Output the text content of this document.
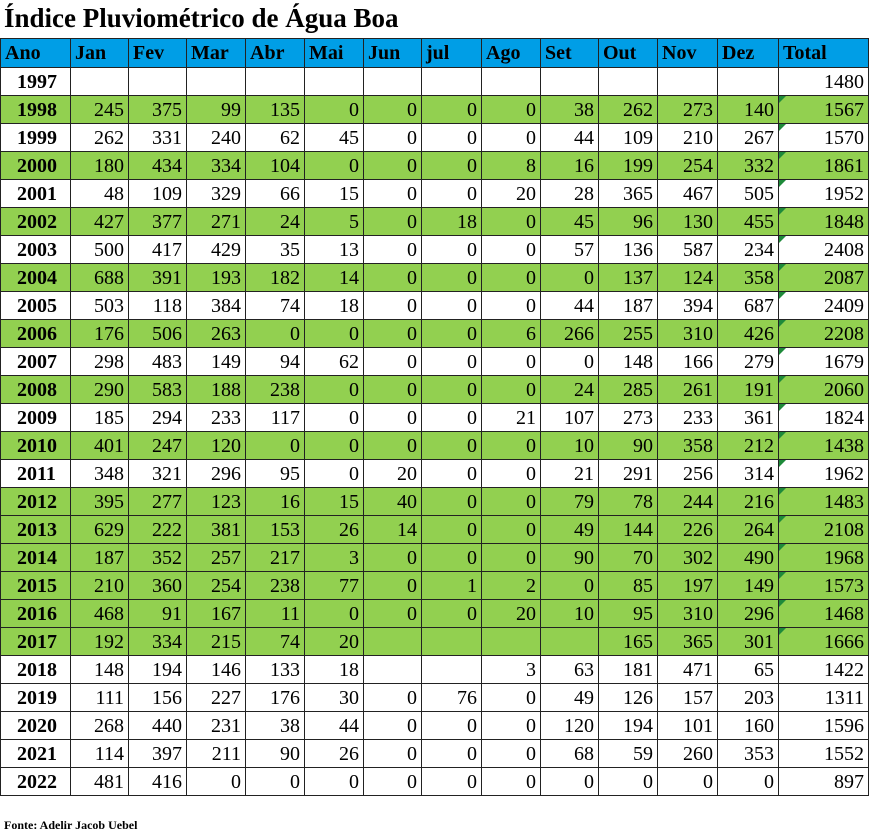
Índice Pluviométrico de Água Boa
Ano	Jan	Fev	Mar	Abr	Mai	Jun	jul	Ago	Set	Out	Nov	Dez	Total
1997													1480
1998	245	375	99	135	0	0	0	0	38	262	273	140	1567
1999	262	331	240	62	45	0	0	0	44	109	210	267	1570
2000	180	434	334	104	0	0	0	8	16	199	254	332	1861
2001	48	109	329	66	15	0	0	20	28	365	467	505	1952
2002	427	377	271	24	5	0	18	0	45	96	130	455	1848
2003	500	417	429	35	13	0	0	0	57	136	587	234	2408
2004	688	391	193	182	14	0	0	0	0	137	124	358	2087
2005	503	118	384	74	18	0	0	0	44	187	394	687	2409
2006	176	506	263	0	0	0	0	6	266	255	310	426	2208
2007	298	483	149	94	62	0	0	0	0	148	166	279	1679
2008	290	583	188	238	0	0	0	0	24	285	261	191	2060
2009	185	294	233	117	0	0	0	21	107	273	233	361	1824
2010	401	247	120	0	0	0	0	0	10	90	358	212	1438
2011	348	321	296	95	0	20	0	0	21	291	256	314	1962
2012	395	277	123	16	15	40	0	0	79	78	244	216	1483
2013	629	222	381	153	26	14	0	0	49	144	226	264	2108
2014	187	352	257	217	3	0	0	0	90	70	302	490	1968
2015	210	360	254	238	77	0	1	2	0	85	197	149	1573
2016	468	91	167	11	0	0	0	20	10	95	310	296	1468
2017	192	334	215	74	20					165	365	301	1666
2018	148	194	146	133	18			3	63	181	471	65	1422
2019	111	156	227	176	30	0	76	0	49	126	157	203	1311
2020	268	440	231	38	44	0	0	0	120	194	101	160	1596
2021	114	397	211	90	26	0	0	0	68	59	260	353	1552
2022	481	416	0	0	0	0	0	0	0	0	0	0	897
Fonte: Adelir Jacob Uebel
